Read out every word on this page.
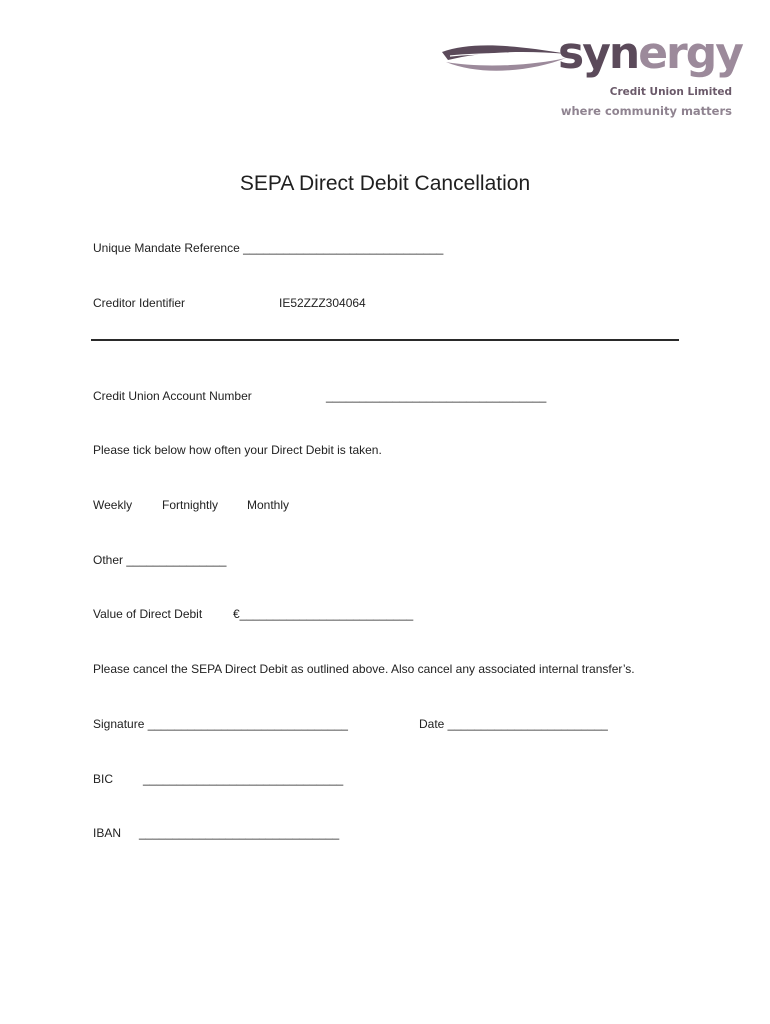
synergy
Credit Union Limited
where community matters
SEPA Direct Debit Cancellation
Unique Mandate Reference ______________________________
Creditor Identifier	IE52ZZZ304064
Credit Union Account Number	_________________________________
Please tick below how often your Direct Debit is taken.
Weekly Fortnightly Monthly
Other _______________
Value of Direct Debit	€__________________________
Please cancel the SEPA Direct Debit as outlined above. Also cancel any associated internal transfer’s.
Signature ______________________________	Date ________________________
BIC ______________________________
IBAN ______________________________
